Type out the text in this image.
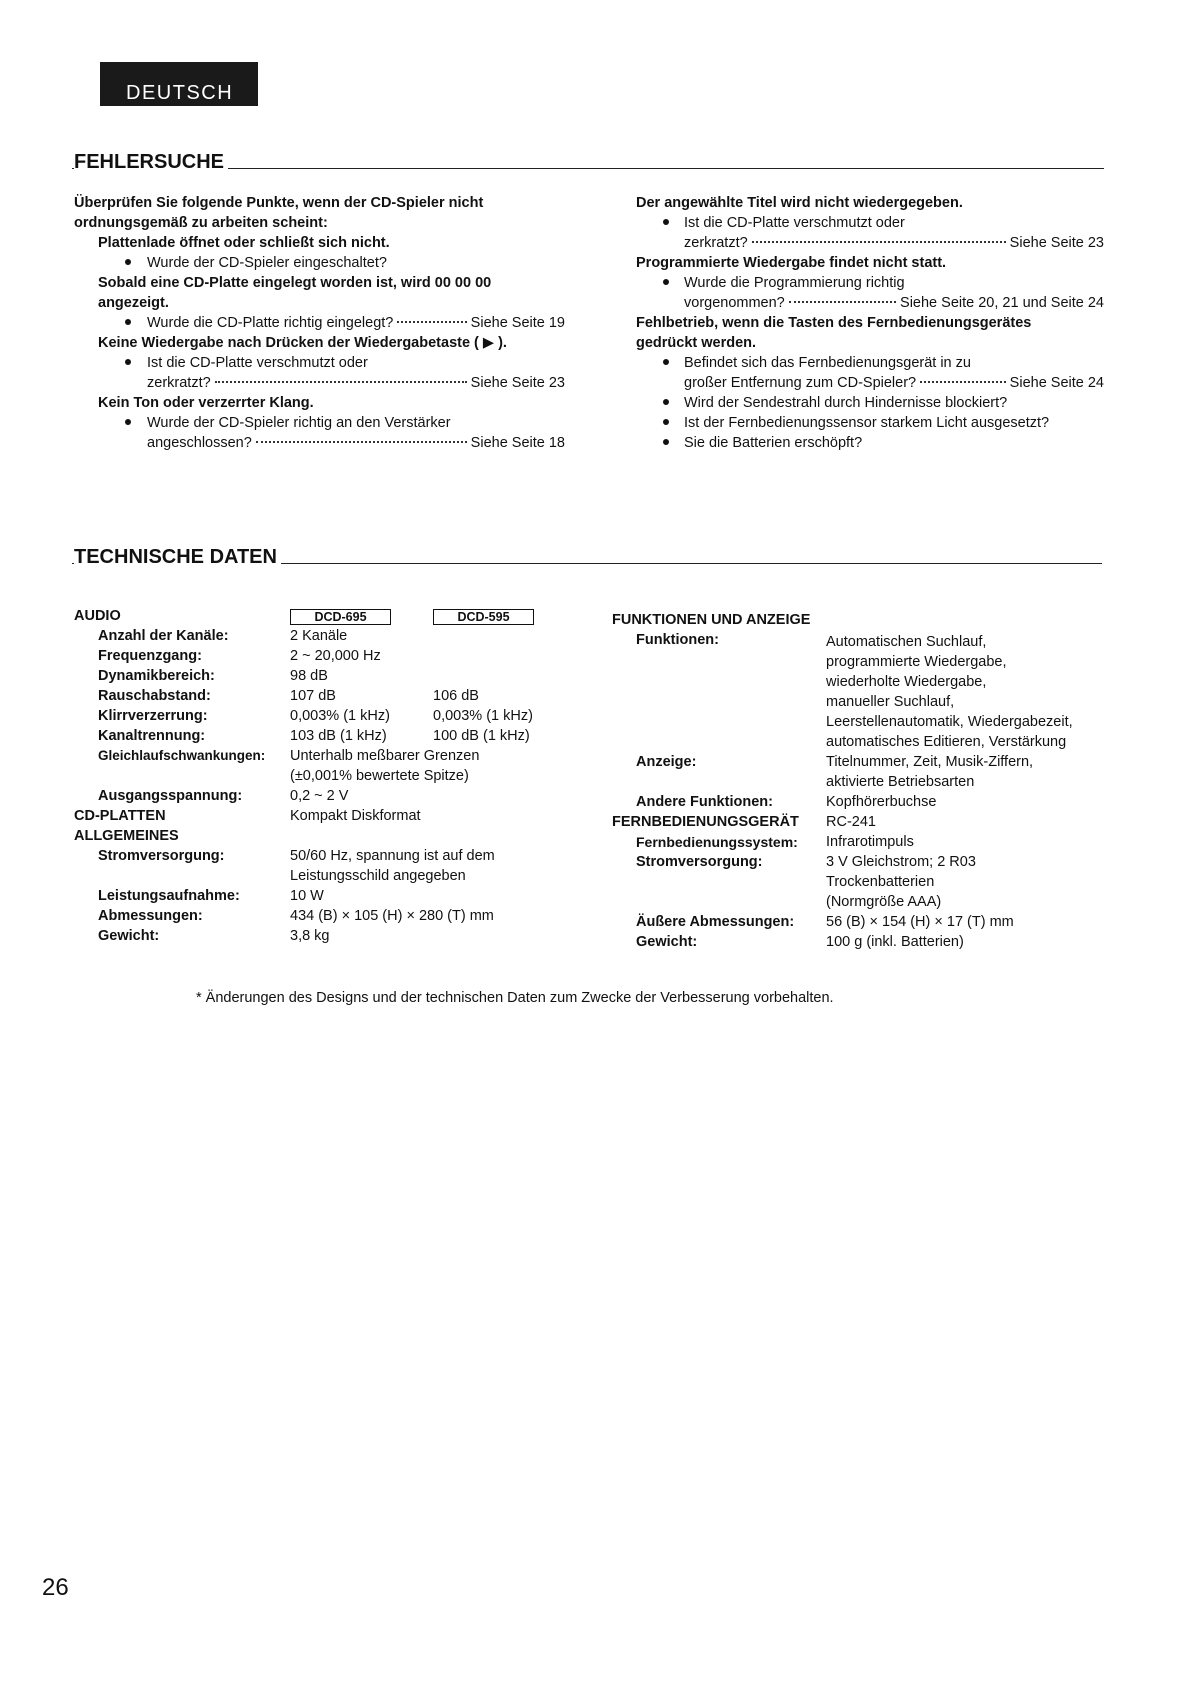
DEUTSCH
FEHLERSUCHE
Überprüfen Sie folgende Punkte, wenn der CD-Spieler nicht
ordnungsgemäß zu arbeiten scheint:
Plattenlade öffnet oder schließt sich nicht.
Wurde der CD-Spieler eingeschaltet?
Sobald eine CD-Platte eingelegt worden ist, wird 00 00 00
angezeigt.
Wurde die CD-Platte richtig eingelegt?	Siehe Seite 19
Keine Wiedergabe nach Drücken der Wiedergabetaste ( ▶ ).
Ist die CD-Platte verschmutzt oder
zerkratzt?	Siehe Seite 23
Kein Ton oder verzerrter Klang.
Wurde der CD-Spieler richtig an den Verstärker
angeschlossen?	Siehe Seite 18
Der angewählte Titel wird nicht wiedergegeben.
Ist die CD-Platte verschmutzt oder
zerkratzt?	Siehe Seite 23
Programmierte Wiedergabe findet nicht statt.
Wurde die Programmierung richtig
vorgenommen?	Siehe Seite 20, 21 und Seite 24
Fehlbetrieb, wenn die Tasten des Fernbedienungsgerätes
gedrückt werden.
Befindet sich das Fernbedienungsgerät in zu
großer Entfernung zum CD-Spieler?	Siehe Seite 24
Wird der Sendestrahl durch Hindernisse blockiert?
Ist der Fernbedienungssensor starkem Licht ausgesetzt?
Sie die Batterien erschöpft?
TECHNISCHE DATEN
AUDIO	DCD-695	DCD-595
Anzahl der Kanäle:	2 Kanäle
Frequenzgang:	2 ~ 20,000 Hz
Dynamikbereich:	98 dB
Rauschabstand:	107 dB	106 dB
Klirrverzerrung:	0,003% (1 kHz)	0,003% (1 kHz)
Kanaltrennung:	103 dB (1 kHz)	100 dB (1 kHz)
Gleichlaufschwankungen: Unterhalb meßbarer Grenzen
(±0,001% bewertete Spitze)
Ausgangsspannung:	0,2 ~ 2 V
CD-PLATTEN	Kompakt Diskformat
ALLGEMEINES
Stromversorgung:	50/60 Hz, spannung ist auf dem
Leistungsschild angegeben
Leistungsaufnahme:	10 W
Abmessungen:	434 (B) × 105 (H) × 280 (T) mm
Gewicht:	3,8 kg
FUNKTIONEN UND ANZEIGE
Funktionen:	Automatischen Suchlauf,
programmierte Wiedergabe,
wiederholte Wiedergabe,
manueller Suchlauf,
Leerstellenautomatik, Wiedergabezeit,
automatisches Editieren, Verstärkung
Anzeige:	Titelnummer, Zeit, Musik-Ziffern,
aktivierte Betriebsarten
Andere Funktionen:	Kopfhörerbuchse
FERNBEDIENUNGSGERÄT RC-241
Fernbedienungssystem: Infrarotimpuls
Stromversorgung:	3 V Gleichstrom; 2 R03
Trockenbatterien
(Normgröße AAA)
Äußere Abmessungen: 56 (B) × 154 (H) × 17 (T) mm
Gewicht:	100 g (inkl. Batterien)
* Änderungen des Designs und der technischen Daten zum Zwecke der Verbesserung vorbehalten.
26
